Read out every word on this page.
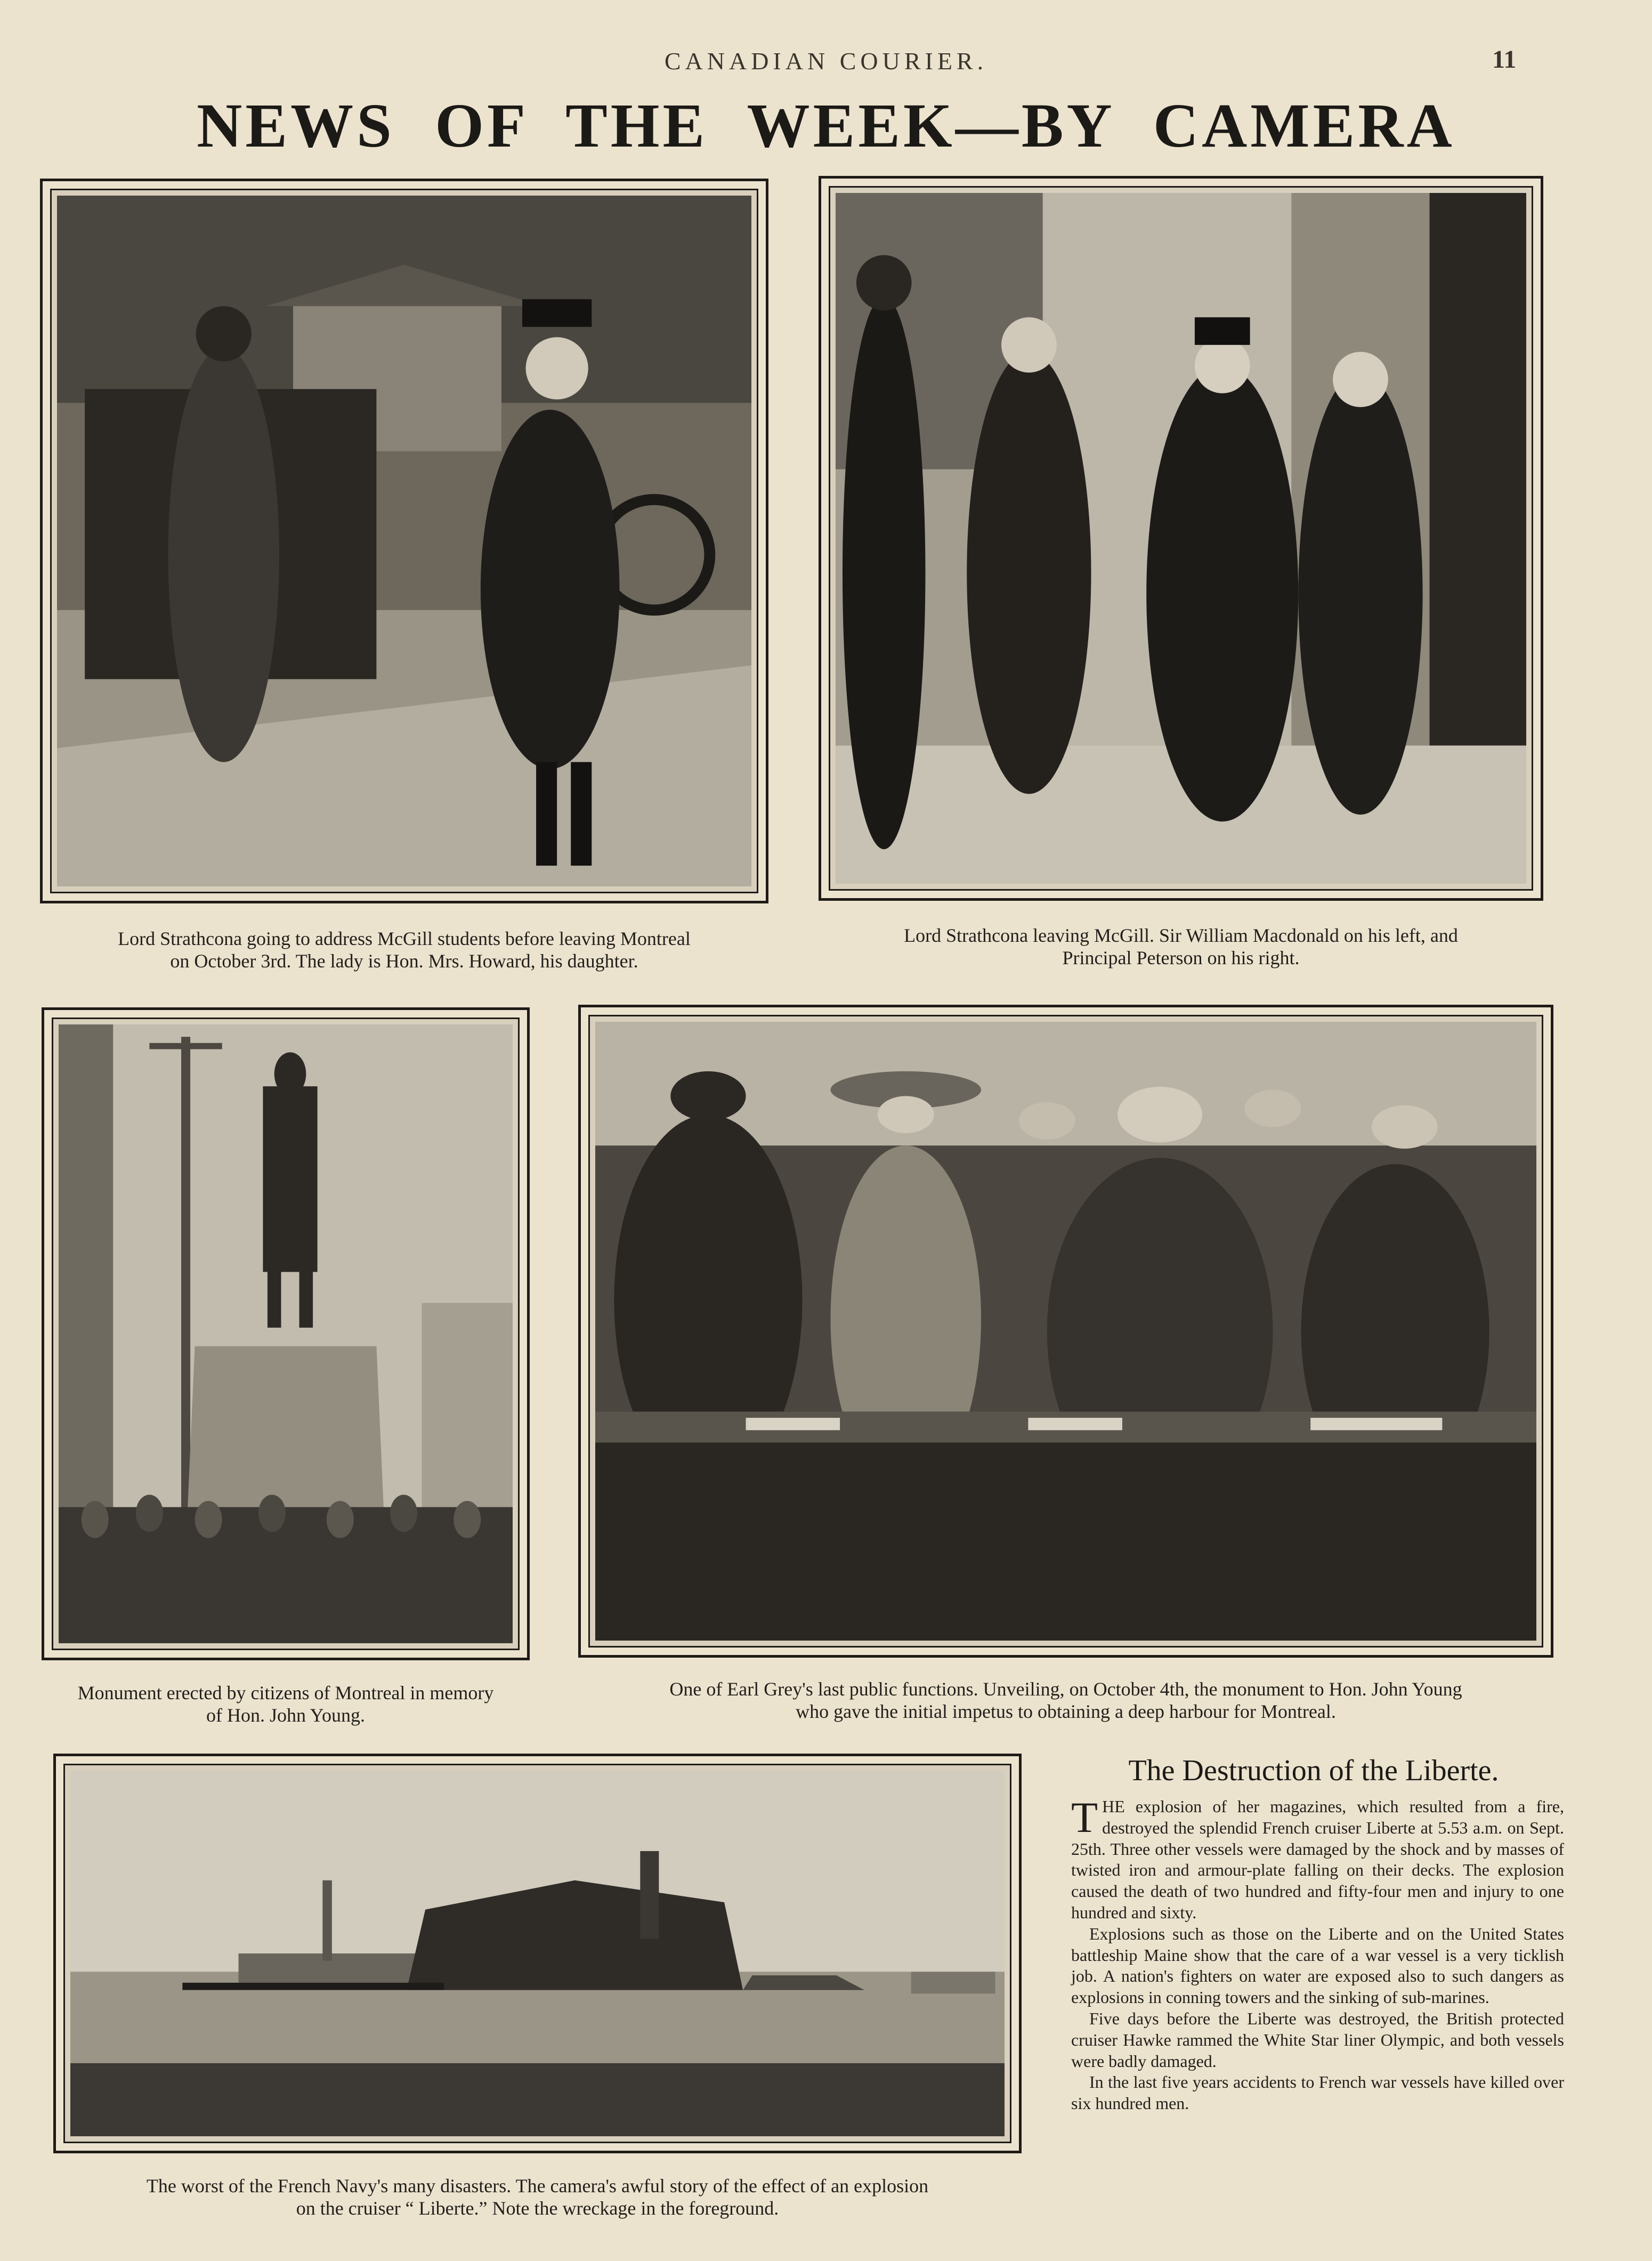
CANADIAN COURIER.	11
NEWS OF THE WEEK—BY CAMERA
Lord Strathcona going to address McGill students before leaving Montreal
on October 3rd. The lady is Hon. Mrs. Howard, his daughter.
Lord Strathcona leaving McGill. Sir William Macdonald on his left, and
Principal Peterson on his right.
Monument erected by citizens of Montreal in memory
of Hon. John Young.
One of Earl Grey's last public functions. Unveiling, on October 4th, the monument to Hon. John Young
who gave the initial impetus to obtaining a deep harbour for Montreal.
The worst of the French Navy's many disasters. The camera's awful story of the effect of an explosion
on the cruiser “ Liberte.” Note the wreckage in the foreground.
The Destruction of the Liberte.

THE explosion of her magazines, which resulted from a fire, destroyed the splendid French cruiser Liberte at 5.53 a.m. on Sept. 25th. Three other vessels were damaged by the shock and by masses of twisted iron and armour-plate falling on their decks. The explosion caused the death of two hundred and fifty-four men and injury to one hundred and sixty.

Explosions such as those on the Liberte and on the United States battleship Maine show that the care of a war vessel is a very ticklish job. A nation's fighters on water are exposed also to such dangers as explosions in conning towers and the sinking of sub-marines.

Five days before the Liberte was destroyed, the British protected cruiser Hawke rammed the White Star liner Olympic, and both vessels were badly damaged.

In the last five years accidents to French war vessels have killed over six hundred men.
